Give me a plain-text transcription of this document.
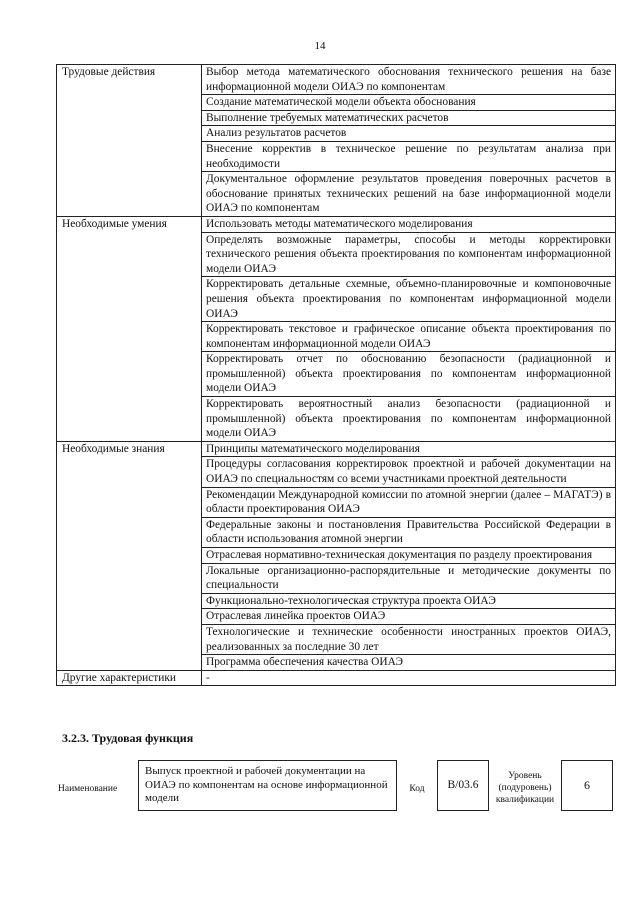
14
Трудовые действия	Выбор метода математического обоснования технического решения на базе информационной модели ОИАЭ по компонентам
	Создание математической модели объекта обоснования
	Выполнение требуемых математических расчетов
	Анализ результатов расчетов
	Внесение корректив в техническое решение по результатам анализа при необходимости
	Документальное оформление результатов проведения поверочных расчетов в обоснование принятых технических решений на базе информационной модели ОИАЭ по компонентам
Необходимые умения	Использовать методы математического моделирования
	Определять возможные параметры, способы и методы корректировки технического решения объекта проектирования по компонентам информационной модели ОИАЭ
	Корректировать детальные схемные, объемно-планировочные и компоновочные решения объекта проектирования по компонентам информационной модели ОИАЭ
	Корректировать текстовое и графическое описание объекта проектирования по компонентам информационной модели ОИАЭ
	Корректировать отчет по обоснованию безопасности (радиационной и промышленной) объекта проектирования по компонентам информационной модели ОИАЭ
	Корректировать вероятностный анализ безопасности (радиационной и промышленной) объекта проектирования по компонентам информационной модели ОИАЭ
Необходимые знания	Принципы математического моделирования
	Процедуры согласования корректировок проектной и рабочей документации на ОИАЭ по специальностям со всеми участниками проектной деятельности
	Рекомендации Международной комиссии по атомной энергии (далее – МАГАТЭ) в области проектирования ОИАЭ
	Федеральные законы и постановления Правительства Российской Федерации в области использования атомной энергии
	Отраслевая нормативно-техническая документация по разделу проектирования
	Локальные организационно-распорядительные и методические документы по специальности
	Функционально-технологическая структура проекта ОИАЭ
	Отраслевая линейка проектов ОИАЭ
	Технологические и технические особенности иностранных проектов ОИАЭ, реализованных за последние 30 лет
	Программа обеспечения качества ОИАЭ
Другие характеристики	-
3.2.3. Трудовая функция
Наименование	Выпуск проектной и рабочей документации на ОИАЭ по компонентам на основе информационной модели	Код	B/03.6	Уровень (подуровень) квалификации	6
